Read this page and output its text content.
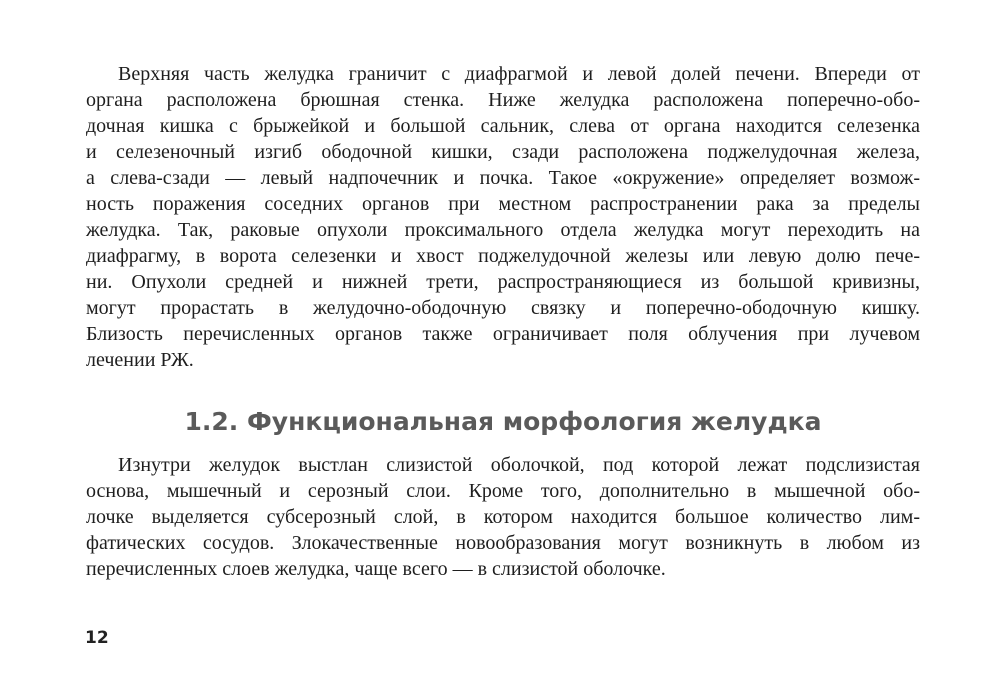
Верхняя часть желудка граничит с диафрагмой и левой долей печени. Впереди от
органа расположена брюшная стенка. Ниже желудка расположена поперечно-обо-
дочная кишка с брыжейкой и большой сальник, слева от органа находится селезенка
и селезеночный изгиб ободочной кишки, сзади расположена поджелудочная железа,
а слева-сзади — левый надпочечник и почка. Такое «окружение» определяет возмож-
ность поражения соседних органов при местном распространении рака за пределы
желудка. Так, раковые опухоли проксимального отдела желудка могут переходить на
диафрагму, в ворота селезенки и хвост поджелудочной железы или левую долю пече-
ни. Опухоли средней и нижней трети, распространяющиеся из большой кривизны,
могут прорастать в желудочно-ободочную связку и поперечно-ободочную кишку.
Близость перечисленных органов также ограничивает поля облучения при лучевом
лечении РЖ.
1.2. Функциональная морфология желудка
Изнутри желудок выстлан слизистой оболочкой, под которой лежат подслизистая
основа, мышечный и серозный слои. Кроме того, дополнительно в мышечной обо-
лочке выделяется субсерозный слой, в котором находится большое количество лим-
фатических сосудов. Злокачественные новообразования могут возникнуть в любом из
перечисленных слоев желудка, чаще всего — в слизистой оболочке.
12
